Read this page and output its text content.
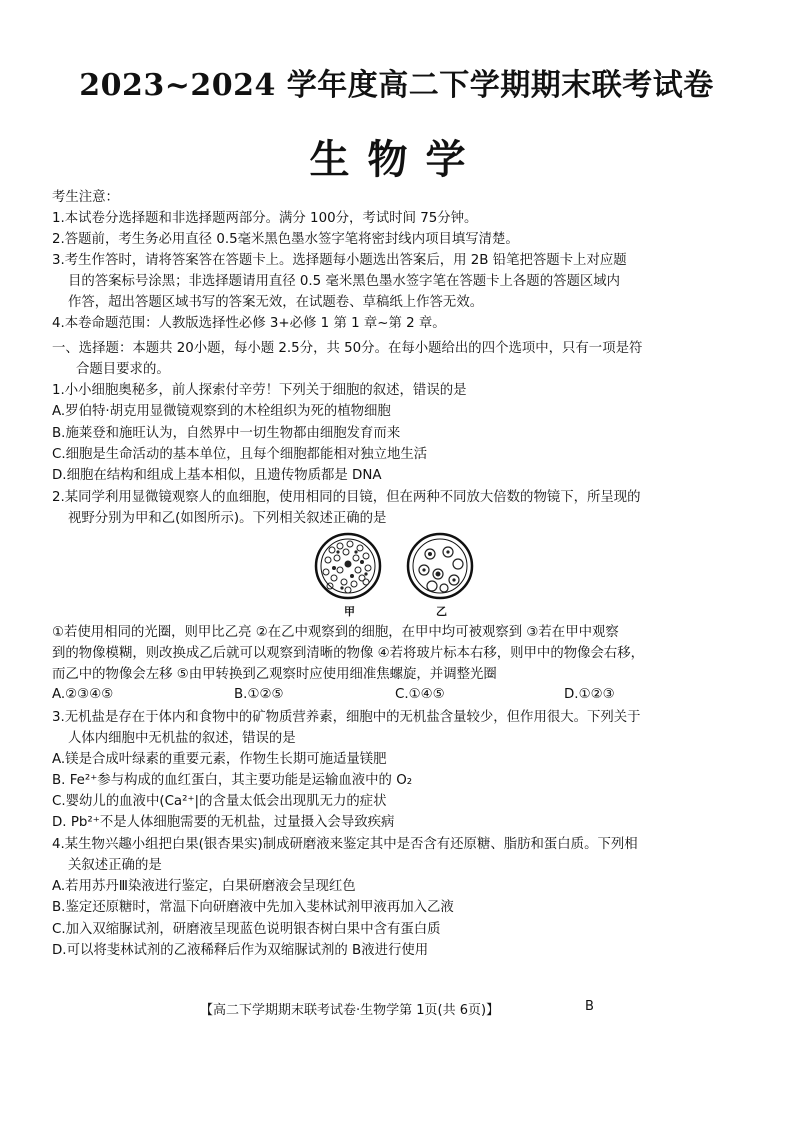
2023~2024 学年度高二下学期期末联考试卷
生物学
考生注意：
1.本试卷分选择题和非选择题两部分。满分 100分，考试时间 75分钟。
2.答题前，考生务必用直径 0.5毫米黑色墨水签字笔将密封线内项目填写清楚。
3.考生作答时，请将答案答在答题卡上。选择题每小题选出答案后，用 2B 铅笔把答题卡上对应题
目的答案标号涂黑；非选择题请用直径 0.5 毫米黑色墨水签字笔在答题卡上各题的答题区域内
作答，超出答题区域书写的答案无效，在试题卷、草稿纸上作答无效。
4.本卷命题范围：人教版选择性必修 3+必修 1 第 1 章~第 2 章。
一、选择题：本题共 20小题，每小题 2.5分，共 50分。在每小题给出的四个选项中，只有一项是符
合题目要求的。
1.小小细胞奥秘多，前人探索付辛劳！下列关于细胞的叙述，错误的是
A.罗伯特·胡克用显微镜观察到的木栓组织为死的植物细胞
B.施莱登和施旺认为，自然界中一切生物都由细胞发育而来
C.细胞是生命活动的基本单位，且每个细胞都能相对独立地生活
D.细胞在结构和组成上基本相似，且遗传物质都是 DNA
2.某同学利用显微镜观察人的血细胞，使用相同的目镜，但在两种不同放大倍数的物镜下，所呈现的
视野分别为甲和乙(如图所示)。下列相关叙述正确的是
甲	乙
①若使用相同的光圈，则甲比乙亮 ②在乙中观察到的细胞，在甲中均可被观察到 ③若在甲中观察
到的物像模糊，则改换成乙后就可以观察到清晰的物像 ④若将玻片标本右移，则甲中的物像会右移，
而乙中的物像会左移 ⑤由甲转换到乙观察时应使用细准焦螺旋，并调整光圈
A.②③④⑤	B.①②⑤	C.①④⑤	D.①②③
3.无机盐是存在于体内和食物中的矿物质营养素，细胞中的无机盐含量较少，但作用很大。下列关于
人体内细胞中无机盐的叙述，错误的是
A.镁是合成叶绿素的重要元素，作物生长期可施适量镁肥
B. Fe²⁺参与构成的血红蛋白，其主要功能是运输血液中的 O₂
C.婴幼儿的血液中(Ca²⁺|的含量太低会出现肌无力的症状
D. Pb²⁺不是人体细胞需要的无机盐，过量摄入会导致疾病
4.某生物兴趣小组把白果(银杏果实)制成研磨液来鉴定其中是否含有还原糖、脂肪和蛋白质。下列相
关叙述正确的是
A.若用苏丹Ⅲ染液进行鉴定，白果研磨液会呈现红色
B.鉴定还原糖时，常温下向研磨液中先加入斐林试剂甲液再加入乙液
C.加入双缩脲试剂，研磨液呈现蓝色说明银杏树白果中含有蛋白质
D.可以将斐林试剂的乙液稀释后作为双缩脲试剂的 B液进行使用
【高二下学期期末联考试卷·生物学第 1页(共 6页)】	B
